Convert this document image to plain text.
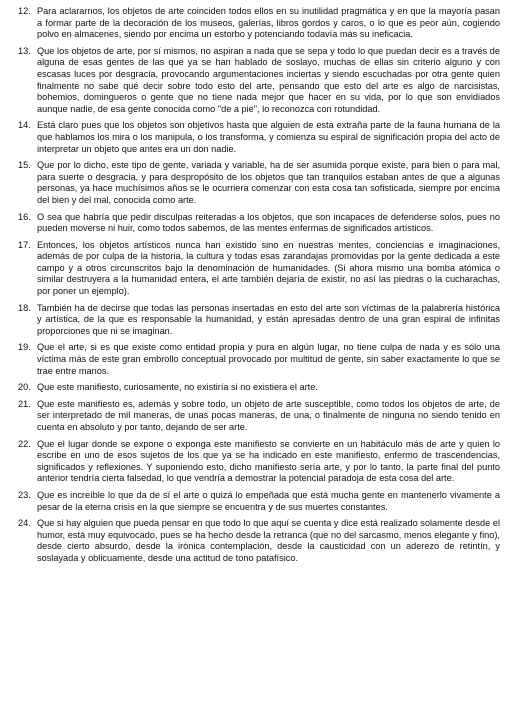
12. Para aclararnos, los objetos de arte coinciden todos ellos en su inutilidad pragmática y en que la mayoría pasan a formar parte de la decoración de los museos, galerías, libros gordos y caros, o lo que es peor aún, cogiendo polvo en almacenes, siendo por encima un estorbo y potenciando todavía más su ineficacia.

13. Que los objetos de arte, por sí mismos, no aspiran a nada que se sepa y todo lo que puedan decir es a través de alguna de esas gentes de las que ya se han hablado de soslayo, muchas de ellas sin criterio alguno y con escasas luces por desgracia, provocando argumentaciones inciertas y siendo escuchadas por otra gente quien finalmente no sabe qué decir sobre todo esto del arte, pensando que esto del arte es algo de narcisistas, bohemios, domingueros o gente que no tiene nada mejor que hacer en su vida, por lo que son envidiados aunque nadie, de esa gente conocida como "de a pie", lo reconozca con rotundidad.

14. Está claro pues que los objetos son objetivos hasta que alguien de esta extraña parte de la fauna humana de la que hablamos los mira o los manipula, o los transforma, y comienza su espiral de significación propia del acto de interpretar un objeto que antes era un don nadie.

15. Que por lo dicho, este tipo de gente, variada y variable, ha de ser asumida porque existe, para bien o para mal, para suerte o desgracia, y para despropósito de los objetos que tan tranquilos estaban antes de que a algunas personas, ya hace muchísimos años se le ocurriera comenzar con esta cosa tan sofisticada, siempre por encima del bien y del mal, conocida como arte.

16. O sea que habría que pedir disculpas reiteradas a los objetos, que son incapaces de defenderse solos, pues no pueden moverse ni huir, como todos sabemos, de las mentes enfermas de significados artísticos.

17. Entonces, los objetos artísticos nunca han existido sino en nuestras mentes, conciencias e imaginaciones, además de por culpa de la historia, la cultura y todas esas zarandajas promovidas por la gente dedicada a este campo y a otros circunscritos bajo la denominación de humanidades. (Si ahora mismo una bomba atómica o similar destruyera a la humanidad entera, el arte también dejaría de existir, no así las piedras o la cucharachas, por poner un ejemplo).

18. También ha de decirse que todas las personas insertadas en esto del arte son víctimas de la palabrería histórica y artística, de la que es responsable la humanidad, y están apresadas dentro de una gran espiral de infinitas proporciones que ni se imaginan.

19. Que el arte, si es que existe como entidad propia y pura en algún lugar, no tiene culpa de nada y es sólo una víctima más de este gran embrollo conceptual provocado por multitud de gente, sin saber exactamente lo que se trae entre manos.

20. Que este manifiesto, curiosamente, no existiría si no existiera el arte.

21. Que este manifiesto es, además y sobre todo, un objeto de arte susceptible, como todos los objetos de arte, de ser interpretado de mil maneras, de unas pocas maneras, de una, o finalmente de ninguna no siendo tenido en cuenta en absoluto y por tanto, dejando de ser arte.

22. Que el lugar donde se expone o exponga este manifiesto se convierte en un habitáculo más de arte y quien lo escribe en uno de esos sujetos de los que ya se ha indicado en este manifiesto, enfermo de trascendencias, significados y reflexiones. Y suponiendo esto, dicho manifiesto sería arte, y por lo tanto, la parte final del punto anterior tendría cierta falsedad, lo que vendría a demostrar la potencial paradoja de esta cosa del arte.

23. Que es increíble lo que da de sí el arte o quizá lo empeñada que está mucha gente en mantenerlo vivamente a pesar de la eterna crisis en la que siempre se encuentra y de sus muertes constantes.

24. Que si hay alguien que pueda pensar en que todo lo que aquí se cuenta y dice está realizado solamente desde el humor, está muy equivocado, pues se ha hecho desde la retranca (que no del sarcasmo, menos elegante y fino), desde cierto absurdo, desde la irónica contemplación, desde la causticidad con un aderezo de retintín, y soslayada y oblicuamente, desde una actitud de tono patafísico.
